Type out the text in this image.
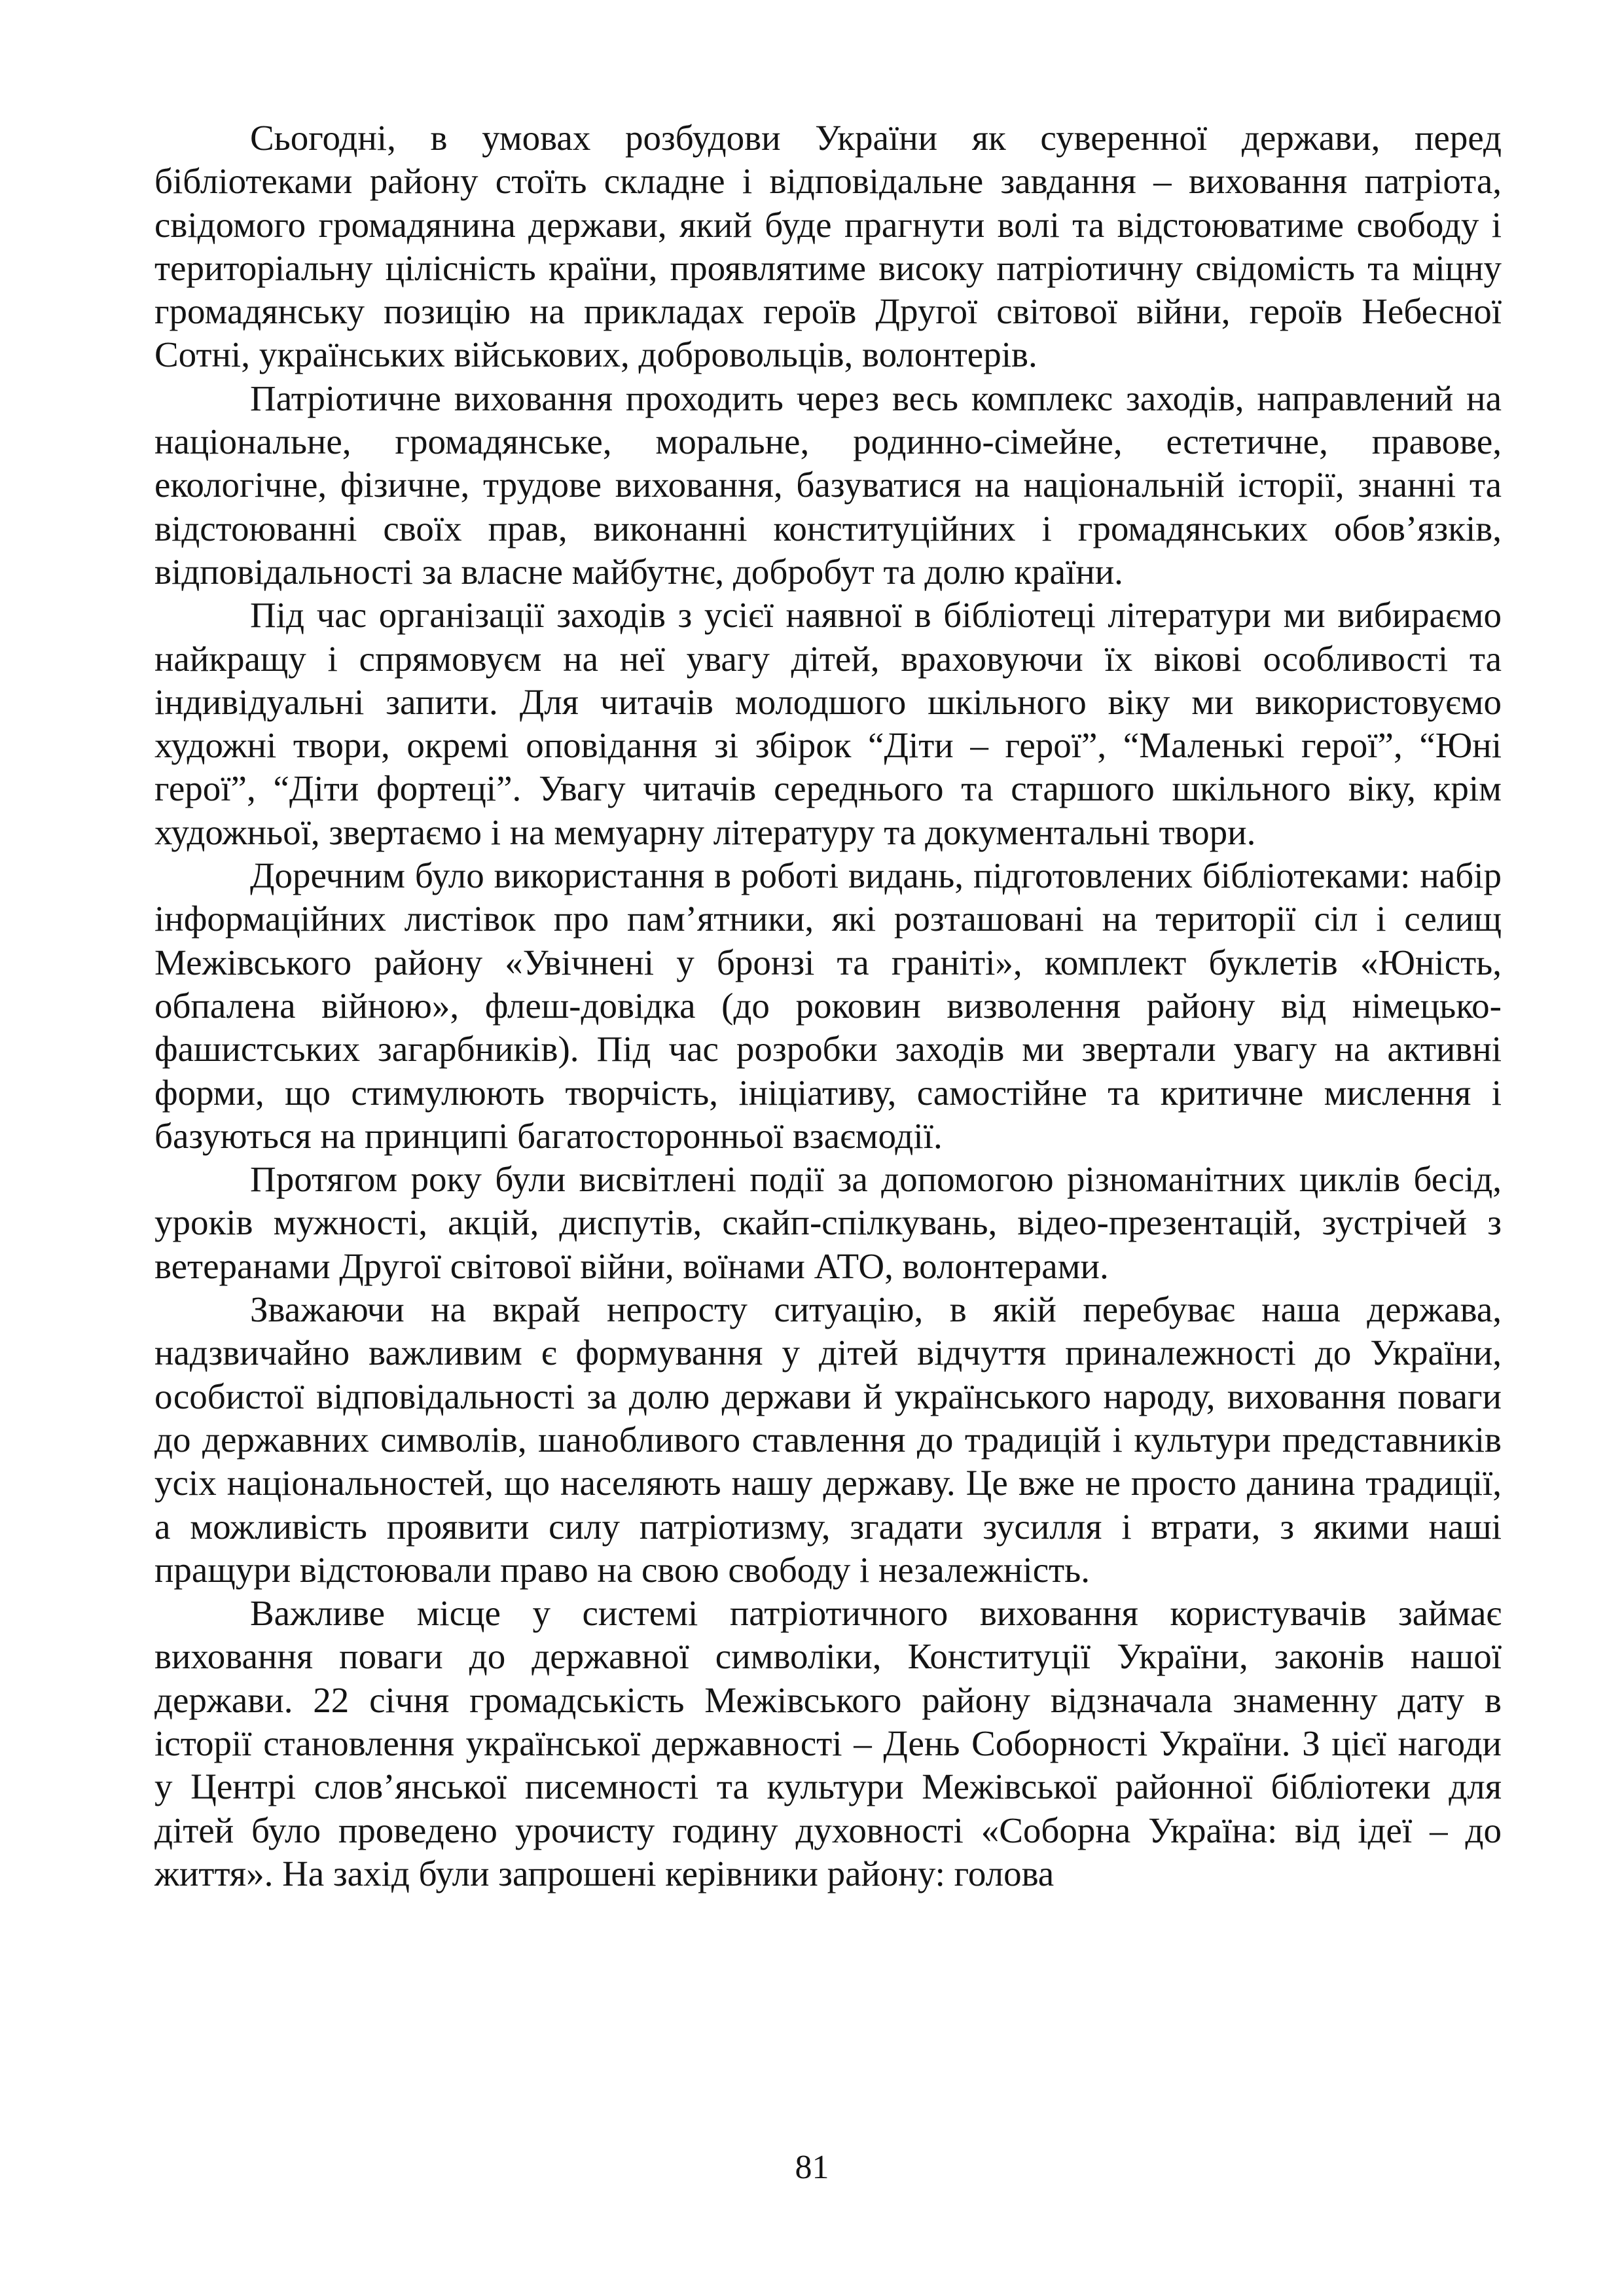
Сьогодні, в умовах розбудови України як суверенної держави, перед бібліотеками району стоїть складне і відповідальне завдання – виховання патріота, свідомого громадянина держави, який буде прагнути волі та відстоюватиме свободу і територіальну цілісність країни, проявлятиме високу патріотичну свідомість та міцну громадянську позицію на прикладах героїв Другої світової війни, героїв Небесної Сотні, українських військових, добровольців, волонтерів.

Патріотичне виховання проходить через весь комплекс заходів, направлений на національне, громадянське, моральне, родинно-сімейне, естетичне, правове, екологічне, фізичне, трудове виховання, базуватися на національній історії, знанні та відстоюванні своїх прав, виконанні конституційних і громадянських обов’язків, відповідальності за власне майбутнє, добробут та долю країни.

Під час організації заходів з усієї наявної в бібліотеці літератури ми вибираємо найкращу і спрямовуєм на неї увагу дітей, враховуючи їх вікові особливості та індивідуальні запити. Для читачів молодшого шкільного віку ми використовуємо художні твори, окремі оповідання зі збірок “Діти – герої”, “Маленькі герої”, “Юні герої”, “Діти фортеці”. Увагу читачів середнього та старшого шкільного віку, крім художньої, звертаємо і на мемуарну літературу та документальні твори.

Доречним було використання в роботі видань, підготовлених бібліотеками: набір інформаційних листівок про пам’ятники, які розташовані на території сіл і селищ Межівського району «Увічнені у бронзі та граніті», комплект буклетів «Юність, обпалена війною», флеш-довідка (до роковин визволення району від німецько-фашистських загарбників). Під час розробки заходів ми звертали увагу на активні форми, що стимулюють творчість, ініціативу, самостійне та критичне мислення і базуються на принципі багатосторонньої взаємодії.

Протягом року були висвітлені події за допомогою різноманітних циклів бесід, уроків мужності, акцій, диспутів, скайп-спілкувань, відео-презентацій, зустрічей з ветеранами Другої світової війни, воїнами АТО, волонтерами.

Зважаючи на вкрай непросту ситуацію, в якій перебуває наша держава, надзвичайно важливим є формування у дітей відчуття приналежності до України, особистої відповідальності за долю держави й українського народу, виховання поваги до державних символів, шанобливого ставлення до традицій і культури представників усіх національностей, що населяють нашу державу. Це вже не просто данина традиції, а можливість проявити силу патріотизму, згадати зусилля і втрати, з якими наші пращури відстоювали право на свою свободу і незалежність.

Важливе місце у системі патріотичного виховання користувачів займає виховання поваги до державної символіки, Конституції України, законів нашої держави. 22 січня громадськість Межівського району відзначала знаменну дату в історії становлення української державності – День Соборності України. З цієї нагоди у Центрі слов’янської писемності та культури Межівської районної бібліотеки для дітей було проведено урочисту годину духовності «Соборна Україна: від ідеї – до життя». На захід були запрошені керівники району: голова

81
